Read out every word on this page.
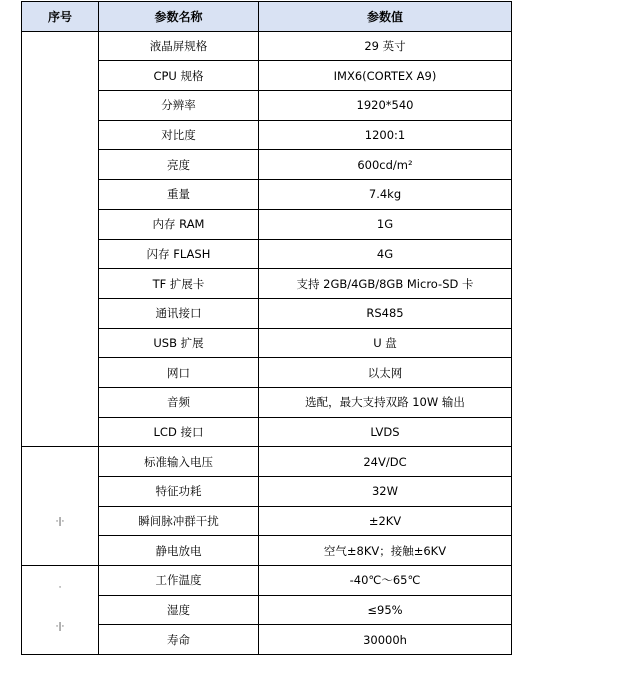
序号	参数名称	参数值
	液晶屏规格	29 英寸
	CPU 规格	IMX6(CORTEX A9)
	分辨率	1920*540
	对比度	1200:1
	亮度	600cd/m²
	重量	7.4kg
	内存 RAM	1G
	闪存 FLASH	4G
	TF 扩展卡	支持 2GB/4GB/8GB Micro-SD 卡
	通讯接口	RS485
	USB 扩展	U 盘
	网口	以太网
	音频	选配，最大支持双路 10W 输出
	LCD 接口	LVDS

·|·	标准输入电压	24V/DC
	特征功耗	32W
	瞬间脉冲群干扰	±2KV
	静电放电	空气±8KV；接触±6KV

·
·|·	工作温度	-40℃～65℃
	湿度	≤95%
	寿命	30000h
